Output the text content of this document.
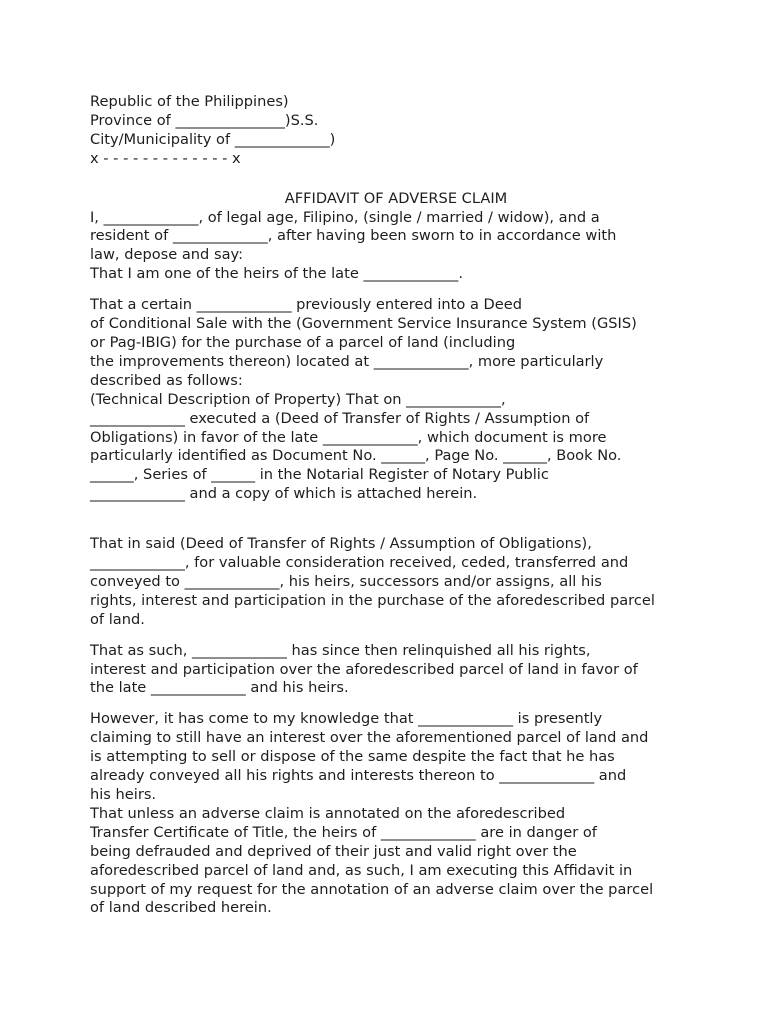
Republic of the Philippines)
Province of _______________)S.S.
City/Municipality of _____________)
x - - - - - - - - - - - - - x
AFFIDAVIT OF ADVERSE CLAIM
I, _____________, of legal age, Filipino, (single / married / widow), and a
resident of _____________, after having been sworn to in accordance with
law, depose and say:
That I am one of the heirs of the late _____________.
That a certain _____________ previously entered into a Deed
of Conditional Sale with the (Government Service Insurance System (GSIS)
or Pag-IBIG) for the purchase of a parcel of land (including
the improvements thereon) located at _____________, more particularly
described as follows:
(Technical Description of Property) That on _____________,
_____________ executed a (Deed of Transfer of Rights / Assumption of
Obligations) in favor of the late _____________, which document is more
particularly identified as Document No. ______, Page No. ______, Book No.
______, Series of ______ in the Notarial Register of Notary Public
_____________ and a copy of which is attached herein.
That in said (Deed of Transfer of Rights / Assumption of Obligations),
_____________, for valuable consideration received, ceded, transferred and
conveyed to _____________, his heirs, successors and/or assigns, all his
rights, interest and participation in the purchase of the aforedescribed parcel
of land.
That as such, _____________ has since then relinquished all his rights,
interest and participation over the aforedescribed parcel of land in favor of
the late _____________ and his heirs.
However, it has come to my knowledge that _____________ is presently
claiming to still have an interest over the aforementioned parcel of land and
is attempting to sell or dispose of the same despite the fact that he has
already conveyed all his rights and interests thereon to _____________ and
his heirs.
That unless an adverse claim is annotated on the aforedescribed
Transfer Certificate of Title, the heirs of _____________ are in danger of
being defrauded and deprived of their just and valid right over the
aforedescribed parcel of land and, as such, I am executing this Affidavit in
support of my request for the annotation of an adverse claim over the parcel
of land described herein.
